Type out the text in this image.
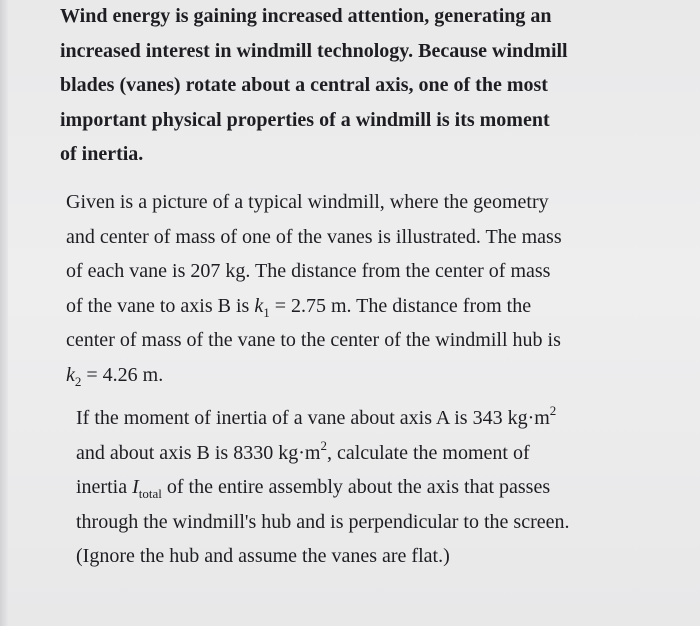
Wind energy is gaining increased attention, generating an
increased interest in windmill technology. Because windmill
blades (vanes) rotate about a central axis, one of the most
important physical properties of a windmill is its moment
of inertia.
Given is a picture of a typical windmill, where the geometry
and center of mass of one of the vanes is illustrated. The mass
of each vane is 207 kg. The distance from the center of mass
of the vane to axis B is $k_1 = 2.75$ m. The distance from the
center of mass of the vane to the center of the windmill hub is
$k_2 = 4.26$ m.
If the moment of inertia of a vane about axis A is 343 $kg\cdot m^2$
and about axis B is 8330 $kg\cdot m^2$, calculate the moment of
inertia $I_{total}$ of the entire assembly about the axis that passes
through the windmill's hub and is perpendicular to the screen.
(Ignore the hub and assume the vanes are flat.)
